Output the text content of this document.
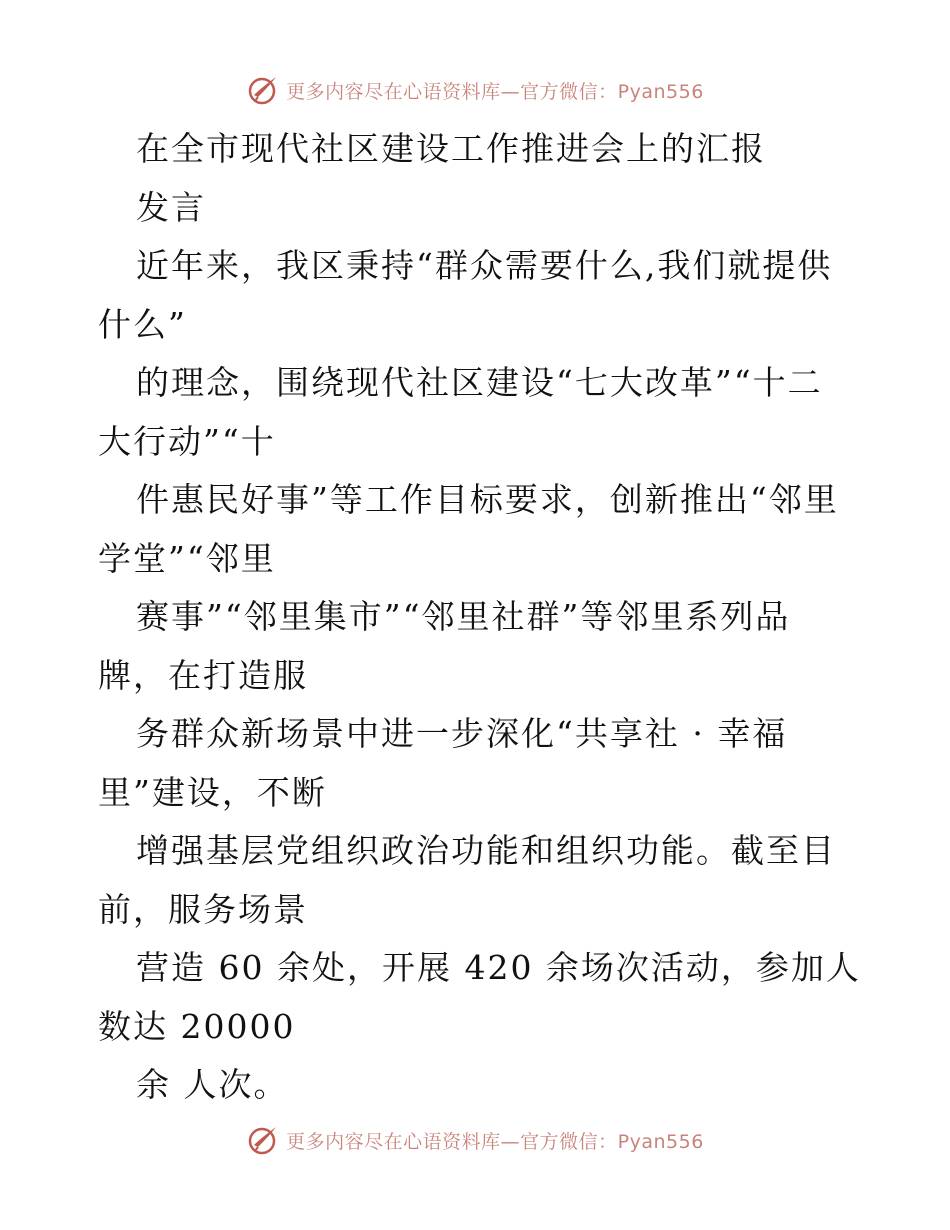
更多内容尽在心语资料库—官方微信：Pyan556
在全市现代社区建设工作推进会上的汇报
发言
近年来，我区秉持“群众需要什么,我们就提供
什么”
的理念，围绕现代社区建设“七大改革”“十二
大行动”“十
件惠民好事”等工作目标要求，创新推出“邻里
学堂”“邻里
赛事”“邻里集市”“邻里社群”等邻里系列品
牌，在打造服
务群众新场景中进一步深化“共享社 · 幸福
里”建设，不断
增强基层党组织政治功能和组织功能。截至目
前，服务场景
营造 60 余处，开展 420 余场次活动，参加人
数达 20000
余 人次。
更多内容尽在心语资料库—官方微信：Pyan556
